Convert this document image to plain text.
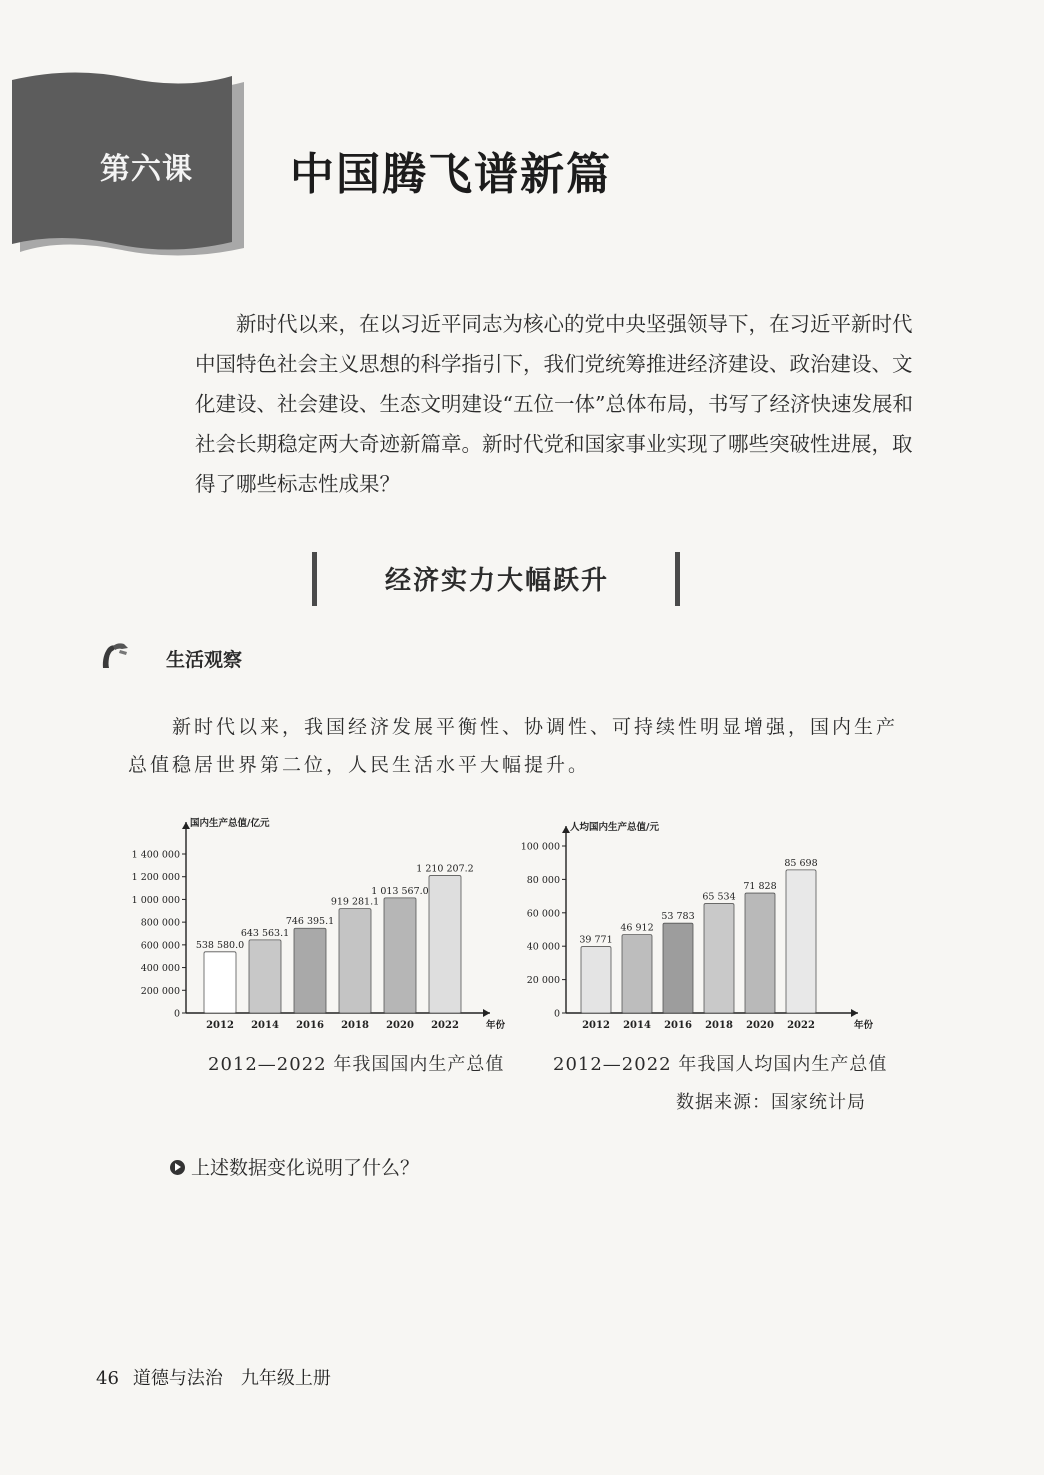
第六课	中国腾飞谱新篇

新时代以来，在以习近平同志为核心的党中央坚强领导下，在习近平新时代中国特色社会主义思想的科学指引下，我们党统筹推进经济建设、政治建设、文化建设、社会建设、生态文明建设“五位一体”总体布局，书写了经济快速发展和社会长期稳定两大奇迹新篇章。新时代党和国家事业实现了哪些突破性进展，取得了哪些标志性成果？

经济实力大幅跃升
生活观察

新时代以来，我国经济发展平衡性、协调性、可持续性明显增强，国内生产总值稳居世界第二位，人民生活水平大幅提升。

国内生产总值/亿元
年份
0
200 000
400 000
600 000
800 000
1 000 000
1 200 000
1 400 000
538 580.0
2012
643 563.1
2014
746 395.1
2016
919 281.1
2018
1 013 567.0
2020
1 210 207.2
2022
2012—2022 年我国国内生产总值
人均国内生产总值/元
年份
0
20 000
40 000
60 000
80 000
100 000
39 771
2012
46 912
2014
53 783
2016
65 534
2018
71 828
2020
85 698
2022
2012—2022 年我国人均国内生产总值
数据来源：国家统计局
上述数据变化说明了什么？
46 道德与法治　九年级上册
